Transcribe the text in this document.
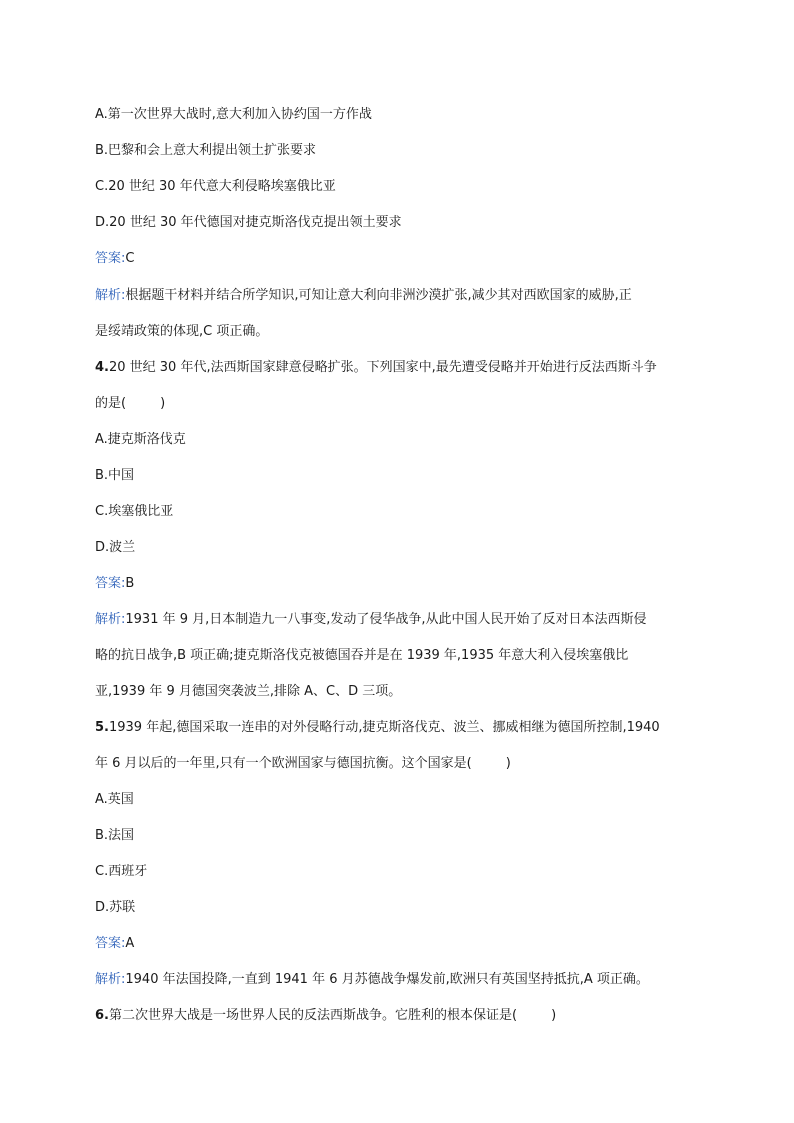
A.第一次世界大战时,意大利加入协约国一方作战
B.巴黎和会上意大利提出领土扩张要求
C.20 世纪 30 年代意大利侵略埃塞俄比亚
D.20 世纪 30 年代德国对捷克斯洛伐克提出领土要求
答案:C
解析:根据题干材料并结合所学知识,可知让意大利向非洲沙漠扩张,减少其对西欧国家的威胁,正
是绥靖政策的体现,C 项正确。
4.20 世纪 30 年代,法西斯国家肆意侵略扩张。下列国家中,最先遭受侵略并开始进行反法西斯斗争
的是(	)
A.捷克斯洛伐克
B.中国
C.埃塞俄比亚
D.波兰
答案:B
解析:1931 年 9 月,日本制造九一八事变,发动了侵华战争,从此中国人民开始了反对日本法西斯侵
略的抗日战争,B 项正确;捷克斯洛伐克被德国吞并是在 1939 年,1935 年意大利入侵埃塞俄比
亚,1939 年 9 月德国突袭波兰,排除 A、C、D 三项。
5.1939 年起,德国采取一连串的对外侵略行动,捷克斯洛伐克、波兰、挪威相继为德国所控制,1940
年 6 月以后的一年里,只有一个欧洲国家与德国抗衡。这个国家是(	)
A.英国
B.法国
C.西班牙
D.苏联
答案:A
解析:1940 年法国投降,一直到 1941 年 6 月苏德战争爆发前,欧洲只有英国坚持抵抗,A 项正确。
6.第二次世界大战是一场世界人民的反法西斯战争。它胜利的根本保证是(	)
